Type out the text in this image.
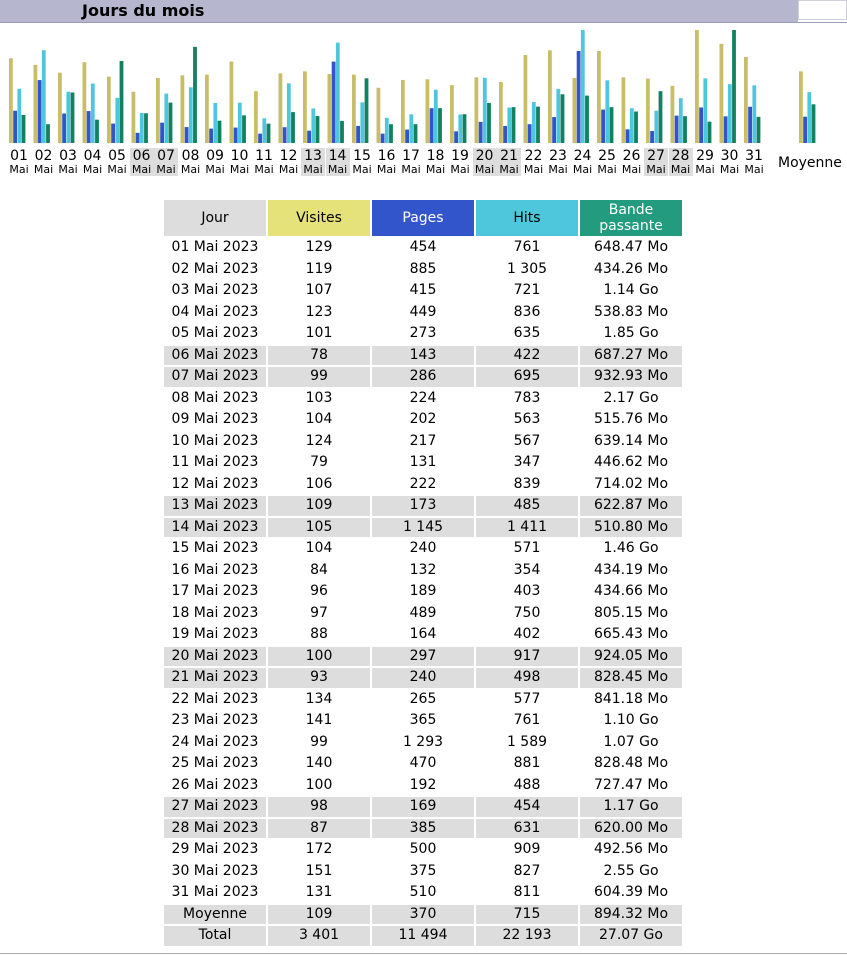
Jours du mois
01
Mai
02
Mai
03
Mai
04
Mai
05
Mai
06
Mai
07
Mai
08
Mai
09
Mai
10
Mai
11
Mai
12
Mai
13
Mai
14
Mai
15
Mai
16
Mai
17
Mai
18
Mai
19
Mai
20
Mai
21
Mai
22
Mai
23
Mai
24
Mai
25
Mai
26
Mai
27
Mai
28
Mai
29
Mai
30
Mai
31
Mai Moyenne
Jour	Visites	Pages	Hits	Bande passante
01 Mai 2023	129	454	761	648.47 Mo
02 Mai 2023	119	885	1 305	434.26 Mo
03 Mai 2023	107	415	721	1.14 Go
04 Mai 2023	123	449	836	538.83 Mo
05 Mai 2023	101	273	635	1.85 Go
06 Mai 2023	78	143	422	687.27 Mo
07 Mai 2023	99	286	695	932.93 Mo
08 Mai 2023	103	224	783	2.17 Go
09 Mai 2023	104	202	563	515.76 Mo
10 Mai 2023	124	217	567	639.14 Mo
11 Mai 2023	79	131	347	446.62 Mo
12 Mai 2023	106	222	839	714.02 Mo
13 Mai 2023	109	173	485	622.87 Mo
14 Mai 2023	105	1 145	1 411	510.80 Mo
15 Mai 2023	104	240	571	1.46 Go
16 Mai 2023	84	132	354	434.19 Mo
17 Mai 2023	96	189	403	434.66 Mo
18 Mai 2023	97	489	750	805.15 Mo
19 Mai 2023	88	164	402	665.43 Mo
20 Mai 2023	100	297	917	924.05 Mo
21 Mai 2023	93	240	498	828.45 Mo
22 Mai 2023	134	265	577	841.18 Mo
23 Mai 2023	141	365	761	1.10 Go
24 Mai 2023	99	1 293	1 589	1.07 Go
25 Mai 2023	140	470	881	828.48 Mo
26 Mai 2023	100	192	488	727.47 Mo
27 Mai 2023	98	169	454	1.17 Go
28 Mai 2023	87	385	631	620.00 Mo
29 Mai 2023	172	500	909	492.56 Mo
30 Mai 2023	151	375	827	2.55 Go
31 Mai 2023	131	510	811	604.39 Mo
Moyenne	109	370	715	894.32 Mo
Total	3 401	11 494	22 193	27.07 Go
